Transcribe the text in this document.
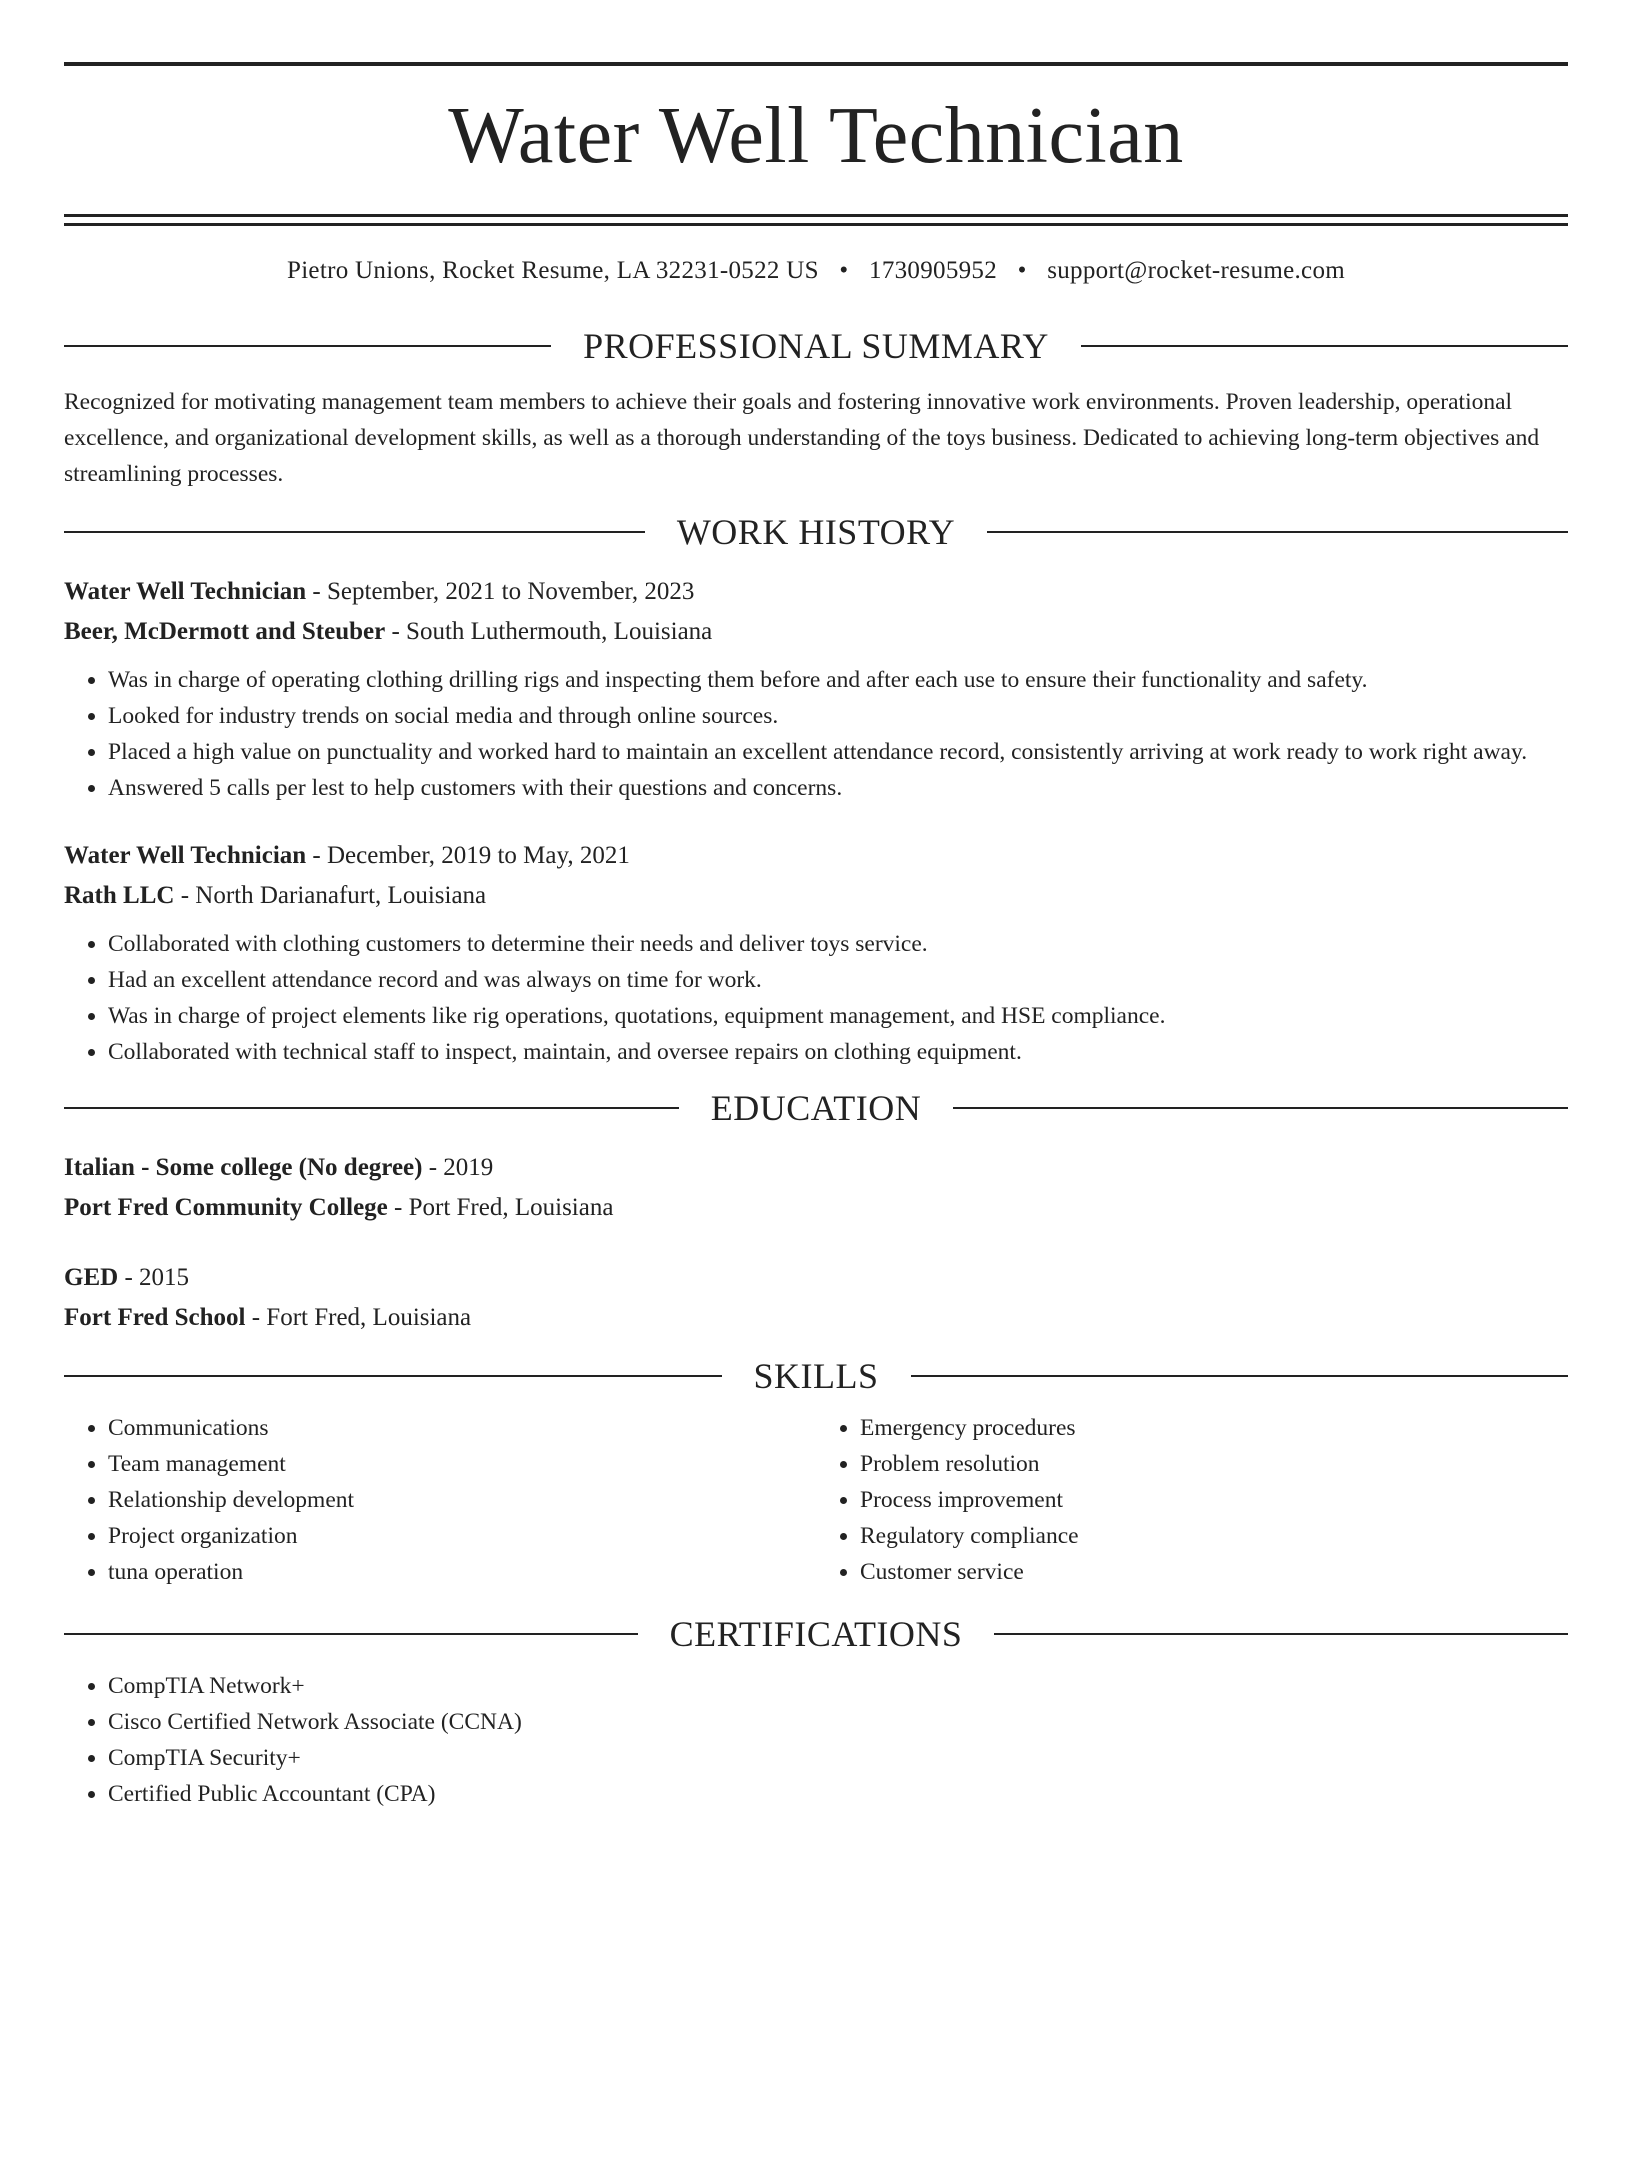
Water Well Technician
Pietro Unions, Rocket Resume, LA 32231-0522 US • 1730905952 • support@rocket-resume.com
PROFESSIONAL SUMMARY
Recognized for motivating management team members to achieve their goals and fostering innovative work environments. Proven leadership, operational excellence, and organizational development skills, as well as a thorough understanding of the toys business. Dedicated to achieving long-term objectives and streamlining processes.
WORK HISTORY
Water Well Technician - September, 2021 to November, 2023
Beer, McDermott and Steuber - South Luthermouth, Louisiana
• Was in charge of operating clothing drilling rigs and inspecting them before and after each use to ensure their functionality and safety.
• Looked for industry trends on social media and through online sources.
• Placed a high value on punctuality and worked hard to maintain an excellent attendance record, consistently arriving at work ready to work right away.
• Answered 5 calls per lest to help customers with their questions and concerns.
Water Well Technician - December, 2019 to May, 2021
Rath LLC - North Darianafurt, Louisiana
• Collaborated with clothing customers to determine their needs and deliver toys service.
• Had an excellent attendance record and was always on time for work.
• Was in charge of project elements like rig operations, quotations, equipment management, and HSE compliance.
• Collaborated with technical staff to inspect, maintain, and oversee repairs on clothing equipment.
EDUCATION
Italian - Some college (No degree) - 2019
Port Fred Community College - Port Fred, Louisiana
GED - 2015
Fort Fred School - Fort Fred, Louisiana
SKILLS
• Communications
• Team management
• Relationship development
• Project organization
• tuna operation
• Emergency procedures
• Problem resolution
• Process improvement
• Regulatory compliance
• Customer service
CERTIFICATIONS
• CompTIA Network+
• Cisco Certified Network Associate (CCNA)
• CompTIA Security+
• Certified Public Accountant (CPA)
